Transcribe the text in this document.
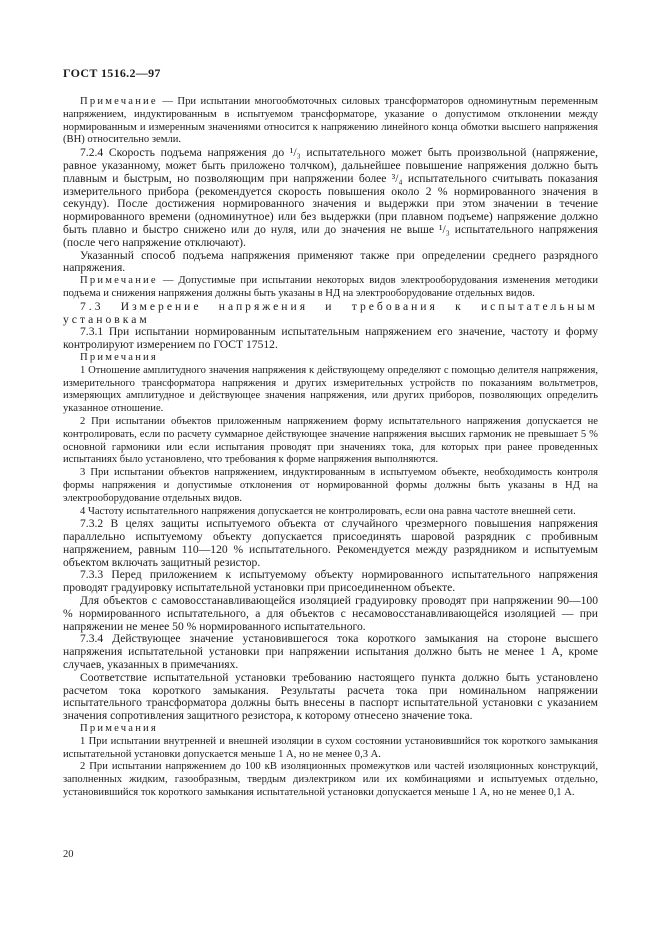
ГОСТ 1516.2—97

Примечание — При испытании многообмоточных силовых трансформаторов одноминутным переменным напряжением, индуктированным в испытуемом трансформаторе, указание о допустимом отклонении между нормированным и измеренным значениями относится к напряжению линейного конца обмотки высшего напряжения (ВН) относительно земли.

7.2.4 Скорость подъема напряжения до ¹/₃ испытательного может быть произвольной (напряжение, равное указанному, может быть приложено толчком), дальнейшее повышение напряжения должно быть плавным и быстрым, но позволяющим при напряжении более ³/₄ испытательного считывать показания измерительного прибора (рекомендуется скорость повышения около 2 % нормированного значения в секунду). После достижения нормированного значения и выдержки при этом значении в течение нормированного времени (одноминутное) или без выдержки (при плавном подъеме) напряжение должно быть плавно и быстро снижено или до нуля, или до значения не выше ¹/₃ испытательного напряжения (после чего напряжение отключают).

Указанный способ подъема напряжения применяют также при определении среднего разрядного напряжения.

Примечание — Допустимые при испытании некоторых видов электрооборудования изменения методики подъема и снижения напряжения должны быть указаны в НД на электрооборудование отдельных видов.

7.3 Измерение напряжения и требования к испытательным установкам

7.3.1 При испытании нормированным испытательным напряжением его значение, частоту и форму контролируют измерением по ГОСТ 17512.

Примечания

1 Отношение амплитудного значения напряжения к действующему определяют с помощью делителя напряжения, измерительного трансформатора напряжения и других измерительных устройств по показаниям вольтметров, измеряющих амплитудное и действующее значения напряжения, или других приборов, позволяющих определить указанное отношение.

2 При испытании объектов приложенным напряжением форму испытательного напряжения допускается не контролировать, если по расчету суммарное действующее значение напряжения высших гармоник не превышает 5 % основной гармоники или если испытания проводят при значениях тока, для которых при ранее проведенных испытаниях было установлено, что требования к форме напряжения выполняются.

3 При испытании объектов напряжением, индуктированным в испытуемом объекте, необходимость контроля формы напряжения и допустимые отклонения от нормированной формы должны быть указаны в НД на электрооборудование отдельных видов.

4 Частоту испытательного напряжения допускается не контролировать, если она равна частоте внешней сети.

7.3.2 В целях защиты испытуемого объекта от случайного чрезмерного повышения напряжения параллельно испытуемому объекту допускается присоединять шаровой разрядник с пробивным напряжением, равным 110—120 % испытательного. Рекомендуется между разрядником и испытуемым объектом включать защитный резистор.

7.3.3 Перед приложением к испытуемому объекту нормированного испытательного напряжения проводят градуировку испытательной установки при присоединенном объекте.

Для объектов с самовосстанавливающейся изоляцией градуировку проводят при напряжении 90—100 % нормированного испытательного, а для объектов с несамовосстанавливающейся изоляцией — при напряжении не менее 50 % нормированного испытательного.

7.3.4 Действующее значение установившегося тока короткого замыкания на стороне высшего напряжения испытательной установки при напряжении испытания должно быть не менее 1 А, кроме случаев, указанных в примечаниях.

Соответствие испытательной установки требованию настоящего пункта должно быть установлено расчетом тока короткого замыкания. Результаты расчета тока при номинальном напряжении испытательного трансформатора должны быть внесены в паспорт испытательной установки с указанием значения сопротивления защитного резистора, к которому отнесено значение тока.

Примечания

1 При испытании внутренней и внешней изоляции в сухом состоянии установившийся ток короткого замыкания испытательной установки допускается меньше 1 А, но не менее 0,3 А.

2 При испытании напряжением до 100 кВ изоляционных промежутков или частей изоляционных конструкций, заполненных жидким, газообразным, твердым диэлектриком или их комбинациями и испытуемых отдельно, установившийся ток короткого замыкания испытательной установки допускается меньше 1 А, но не менее 0,1 А.

20
